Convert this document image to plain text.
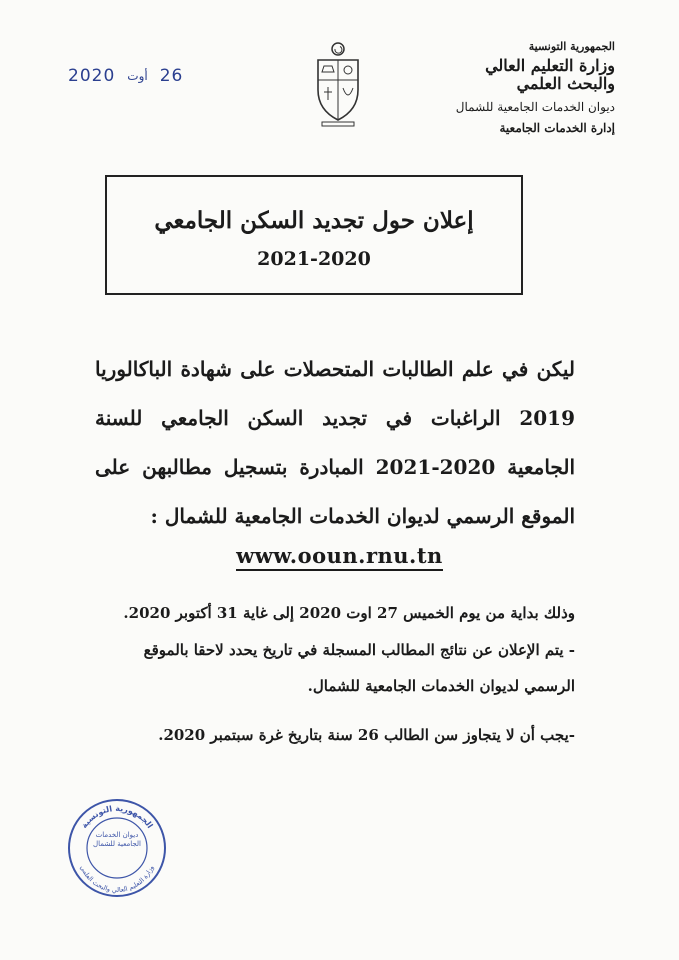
الجمهورية التونسية
وزارة التعليم العالي
والبحث العلمي
ديوان الخدمات الجامعية للشمال
إدارة الخدمات الجامعية
2020 أوت 26
إعلان حول تجديد السكن الجامعي
2021-2020
ليكن في علم الطالبات المتحصلات على شهادة الباكالوريا 2019 الراغبات في تجديد السكن الجامعي للسنة الجامعية 2020-2021 المبادرة بتسجيل مطالبهن على الموقع الرسمي لديوان الخدمات الجامعية للشمال :
www.ooun.rnu.tn

وذلك بداية من يوم الخميس 27 اوت 2020 إلى غاية 31 أكتوبر 2020.

- يتم الإعلان عن نتائج المطالب المسجلة في تاريخ يحدد لاحقا بالموقع الرسمي لديوان الخدمات الجامعية للشمال.

-يجب أن لا يتجاوز سن الطالب 26 سنة بتاريخ غرة سبتمبر 2020.

الجمهورية التونسية
وزارة التعليم العالي والبحث العلمي
ديوان الخدمات الجامعية للشمال
